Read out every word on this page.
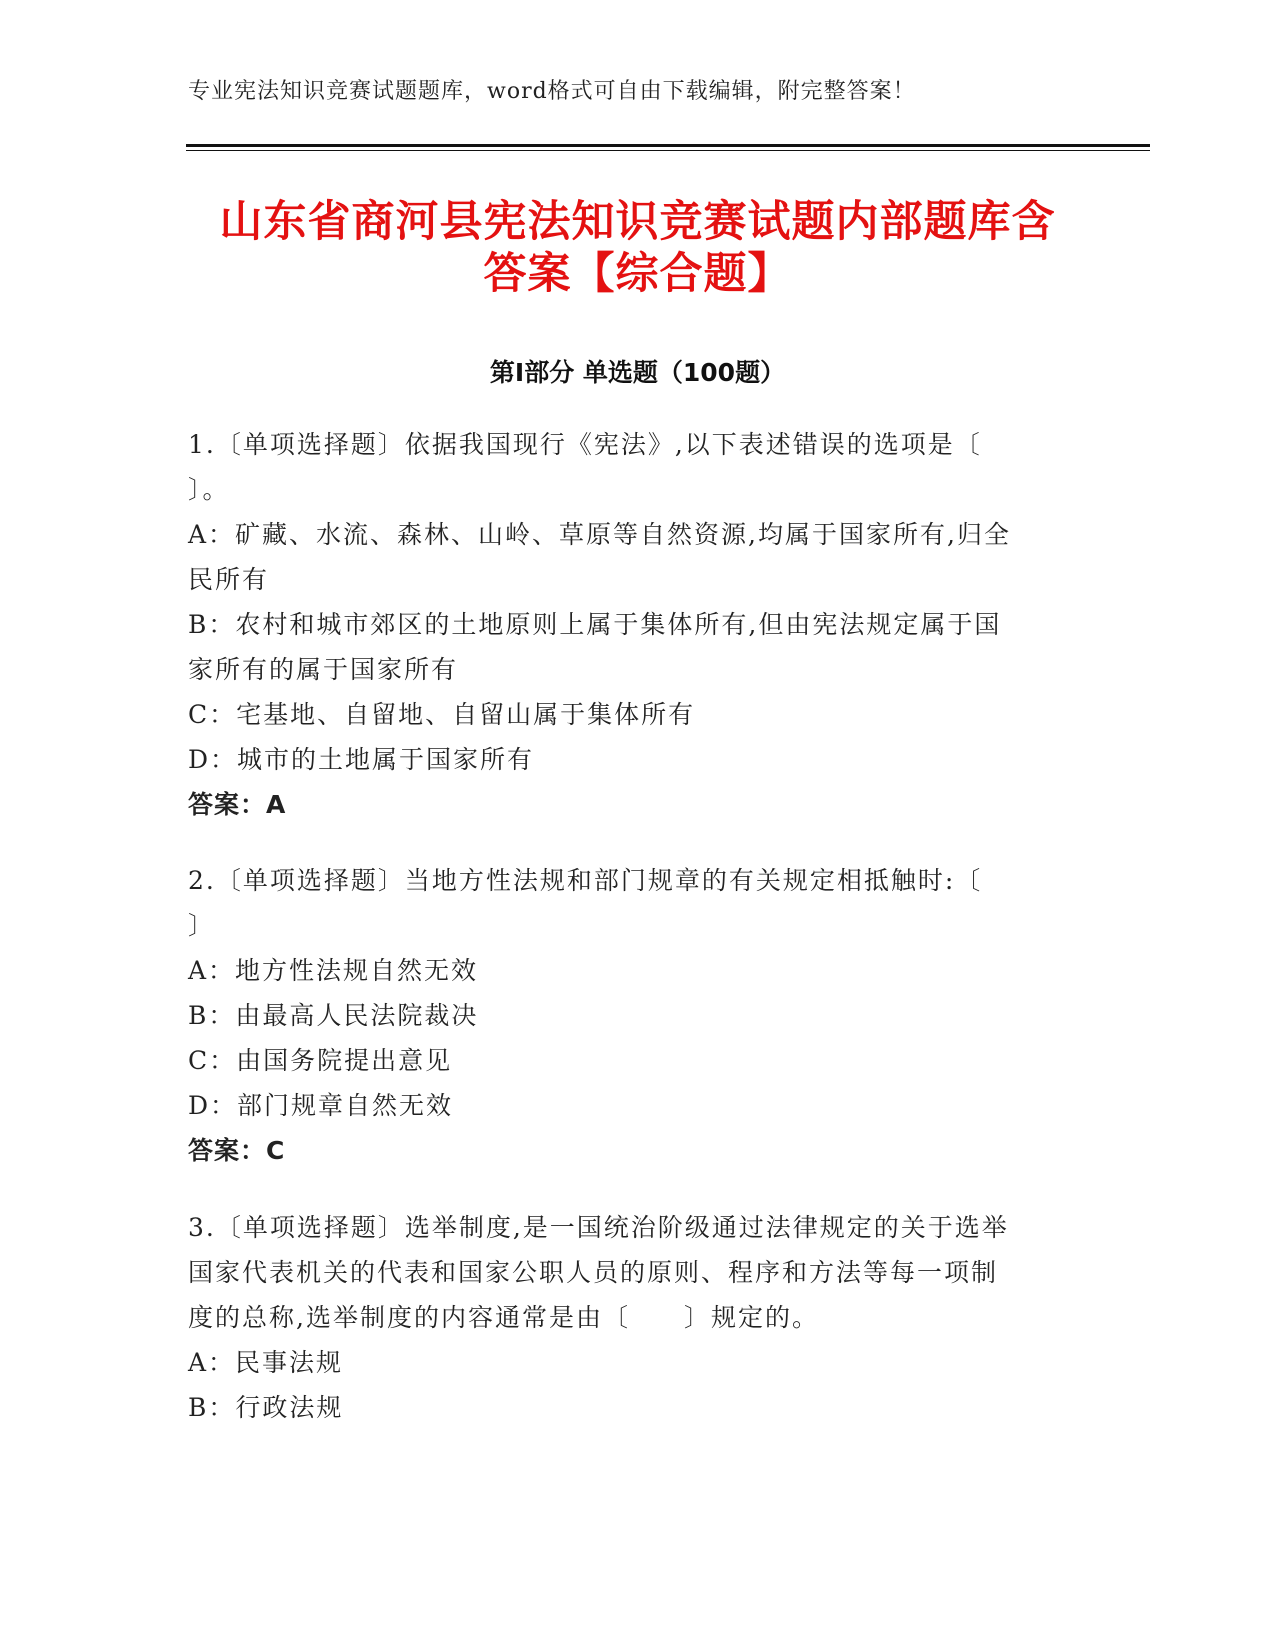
专业宪法知识竞赛试题题库，word格式可自由下载编辑，附完整答案！
山东省商河县宪法知识竞赛试题内部题库含
答案【综合题】
第I部分 单选题（100题）
1.〔单项选择题〕依据我国现行《宪法》,以下表述错误的选项是〔
〕。
A：矿藏、水流、森林、山岭、草原等自然资源,均属于国家所有,归全
民所有
B：农村和城市郊区的土地原则上属于集体所有,但由宪法规定属于国
家所有的属于国家所有
C：宅基地、自留地、自留山属于集体所有
D：城市的土地属于国家所有
答案：A
2.〔单项选择题〕当地方性法规和部门规章的有关规定相抵触时:〔
〕
A：地方性法规自然无效
B：由最高人民法院裁决
C：由国务院提出意见
D：部门规章自然无效
答案：C
3.〔单项选择题〕选举制度,是一国统治阶级通过法律规定的关于选举
国家代表机关的代表和国家公职人员的原则、程序和方法等每一项制
度的总称,选举制度的内容通常是由〔　　〕规定的。
A：民事法规
B：行政法规
